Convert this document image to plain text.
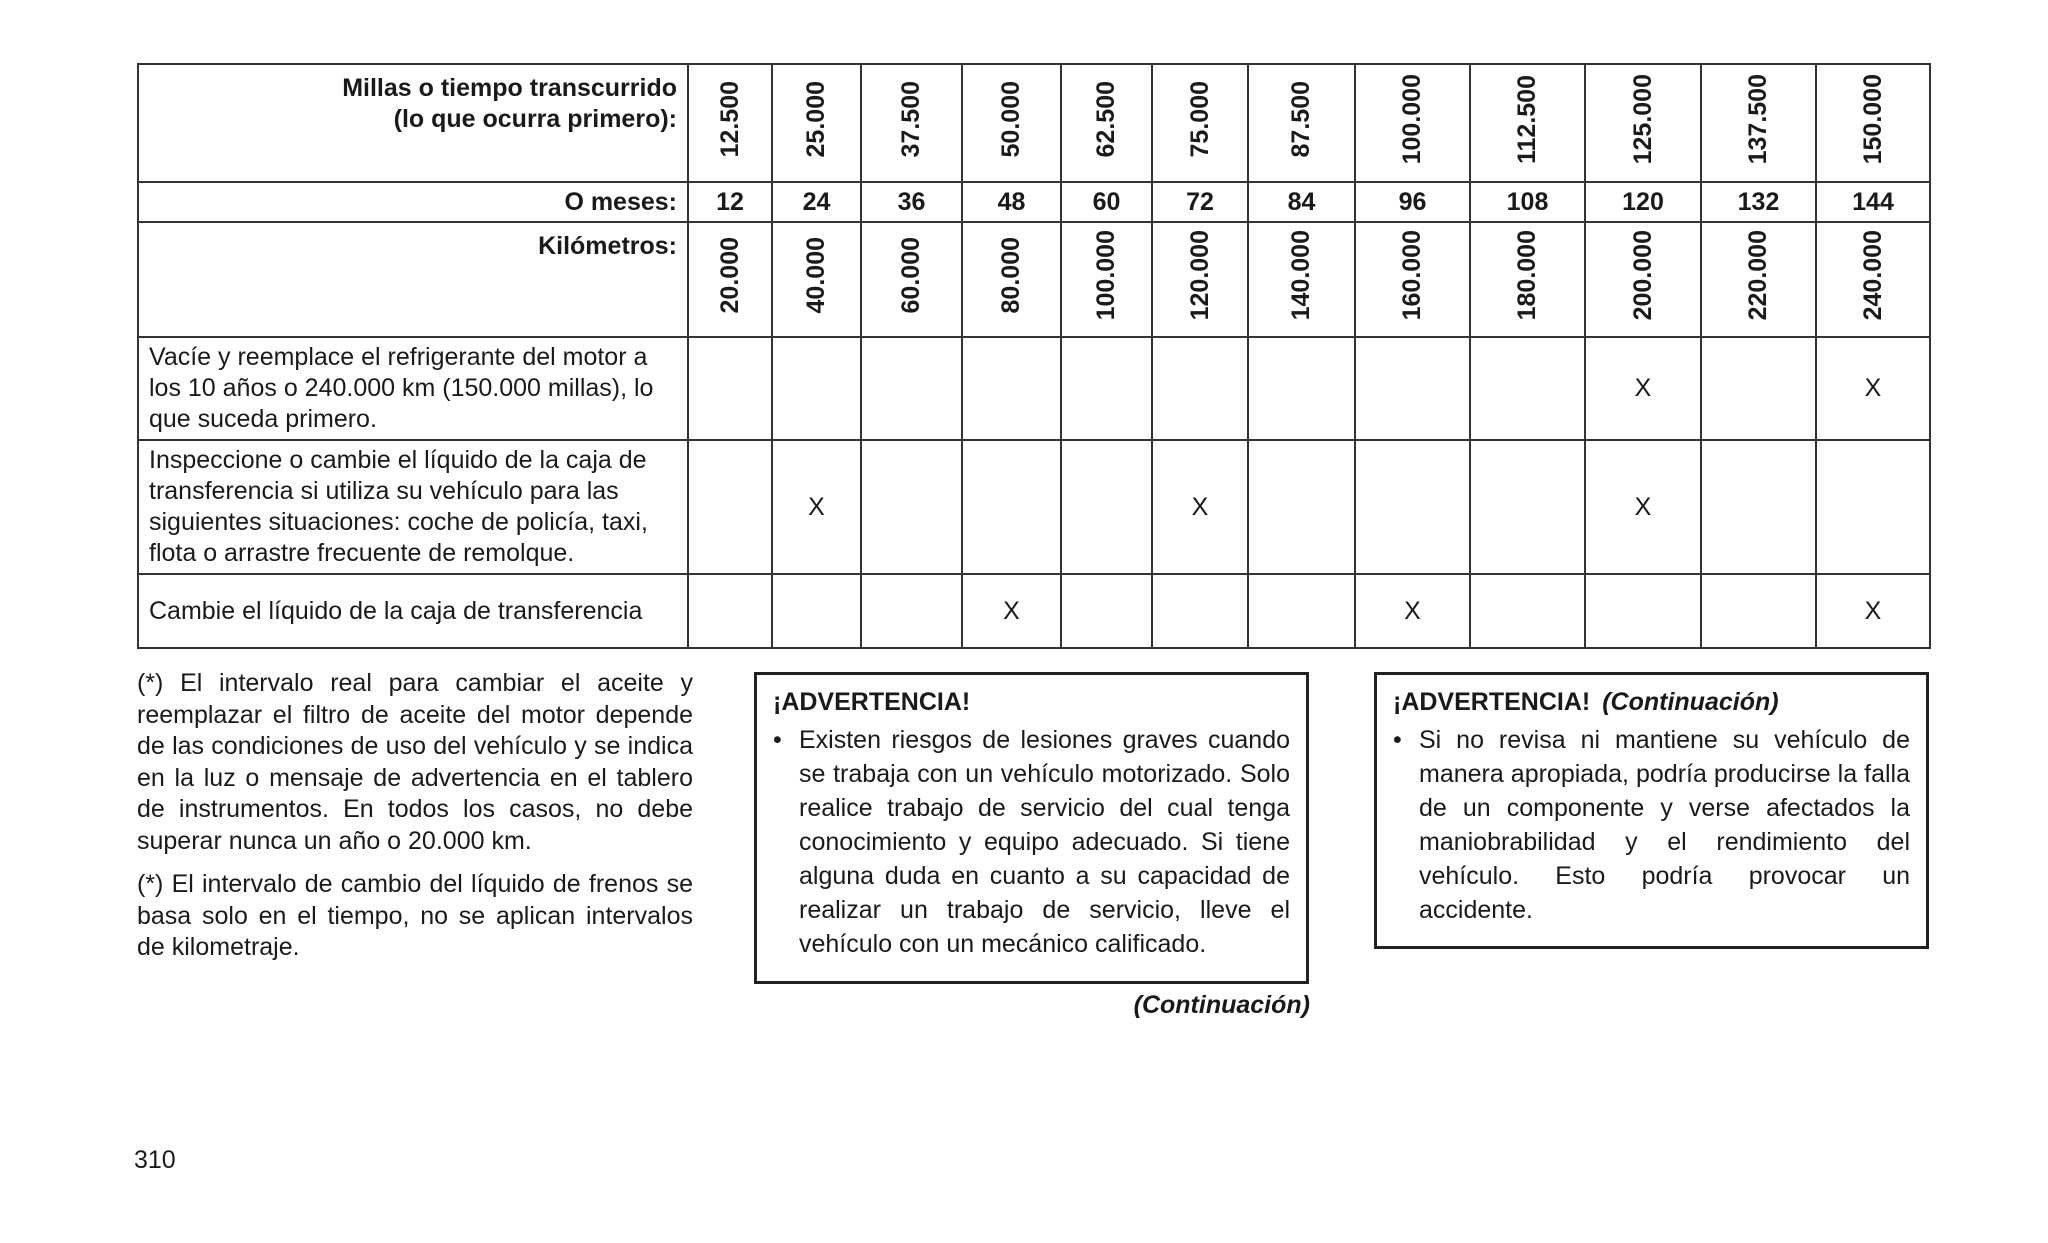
Millas o tiempo transcurrido
(lo que ocurra primero):	12.500	25.000	37.500	50.000	62.500	75.000	87.500	100.000	112.500	125.000	137.500	150.000
O meses:	12	24	36	48	60	72	84	96	108	120	132	144
Kilómetros:	20.000	40.000	60.000	80.000	100.000	120.000	140.000	160.000	180.000	200.000	220.000	240.000
Vacíe y reemplace el refrigerante del motor a los 10 años o 240.000 km (150.000 millas), lo que suceda primero.										X		X
Inspeccione o cambie el líquido de la caja de transferencia si utiliza su vehículo para las siguientes situaciones: coche de policía, taxi, flota o arrastre frecuente de remolque.		X				X				X		
Cambie el líquido de la caja de transferencia				X				X				X

(*) El intervalo real para cambiar el aceite y reemplazar el filtro de aceite del motor depende de las condiciones de uso del vehículo y se indica en la luz o mensaje de advertencia en el tablero de instrumentos. En todos los casos, no debe superar nunca un año o 20.000 km.

(*) El intervalo de cambio del líquido de frenos se basa solo en el tiempo, no se aplican intervalos de kilometraje.

¡ADVERTENCIA!
• Existen riesgos de lesiones graves cuando se trabaja con un vehículo motorizado. Solo realice trabajo de servicio del cual tenga conocimiento y equipo adecuado. Si tiene alguna duda en cuanto a su capacidad de realizar un trabajo de servicio, lleve el vehículo con un mecánico calificado.
(Continuación)
¡ADVERTENCIA! (Continuación)
• Si no revisa ni mantiene su vehículo de manera apropiada, podría producirse la falla de un componente y verse afectados la maniobrabilidad y el rendimiento del vehículo. Esto podría provocar un accidente.
310
